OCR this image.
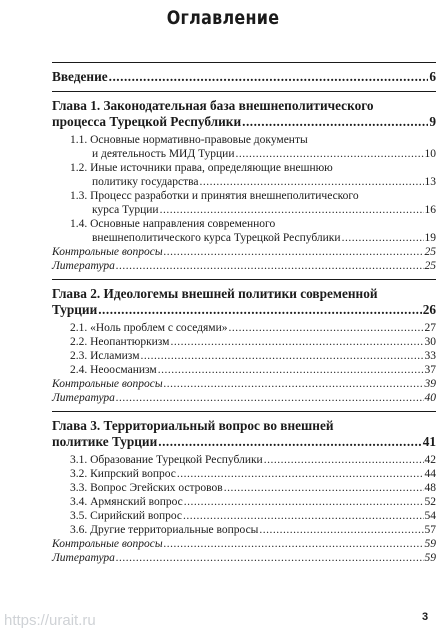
Оглавление
Введение .....	6
Глава 1. Законодательная база внешнеполитического
процесса Турецкой Республики .....	9
1.1. Основные нормативно-правовые документы
и деятельность МИД Турции .....	10
1.2. Иные источники права, определяющие внешнюю
политику государства .....	13
1.3. Процесс разработки и принятия внешнеполитического
курса Турции .....	16
1.4. Основные направления современного
внешнеполитического курса Турецкой Республики .....	19
Контрольные вопросы .....	25
Литература .....	25
Глава 2. Идеологемы внешней политики современной
Турции .....	26
2.1. «Ноль проблем с соседями» .....	27
2.2. Неопантюркизм .....	30
2.3. Исламизм .....	33
2.4. Неоосманизм .....	37
Контрольные вопросы .....	39
Литература .....	40
Глава 3. Территориальный вопрос во внешней
политике Турции .....	41
3.1. Образование Турецкой Республики .....	42
3.2. Кипрский вопрос .....	44
3.3. Вопрос Эгейских островов .....	48
3.4. Армянский вопрос .....	52
3.5. Сирийский вопрос .....	54
3.6. Другие территориальные вопросы .....	57
Контрольные вопросы .....	59
Литература .....	59
https://urait.ru	3
